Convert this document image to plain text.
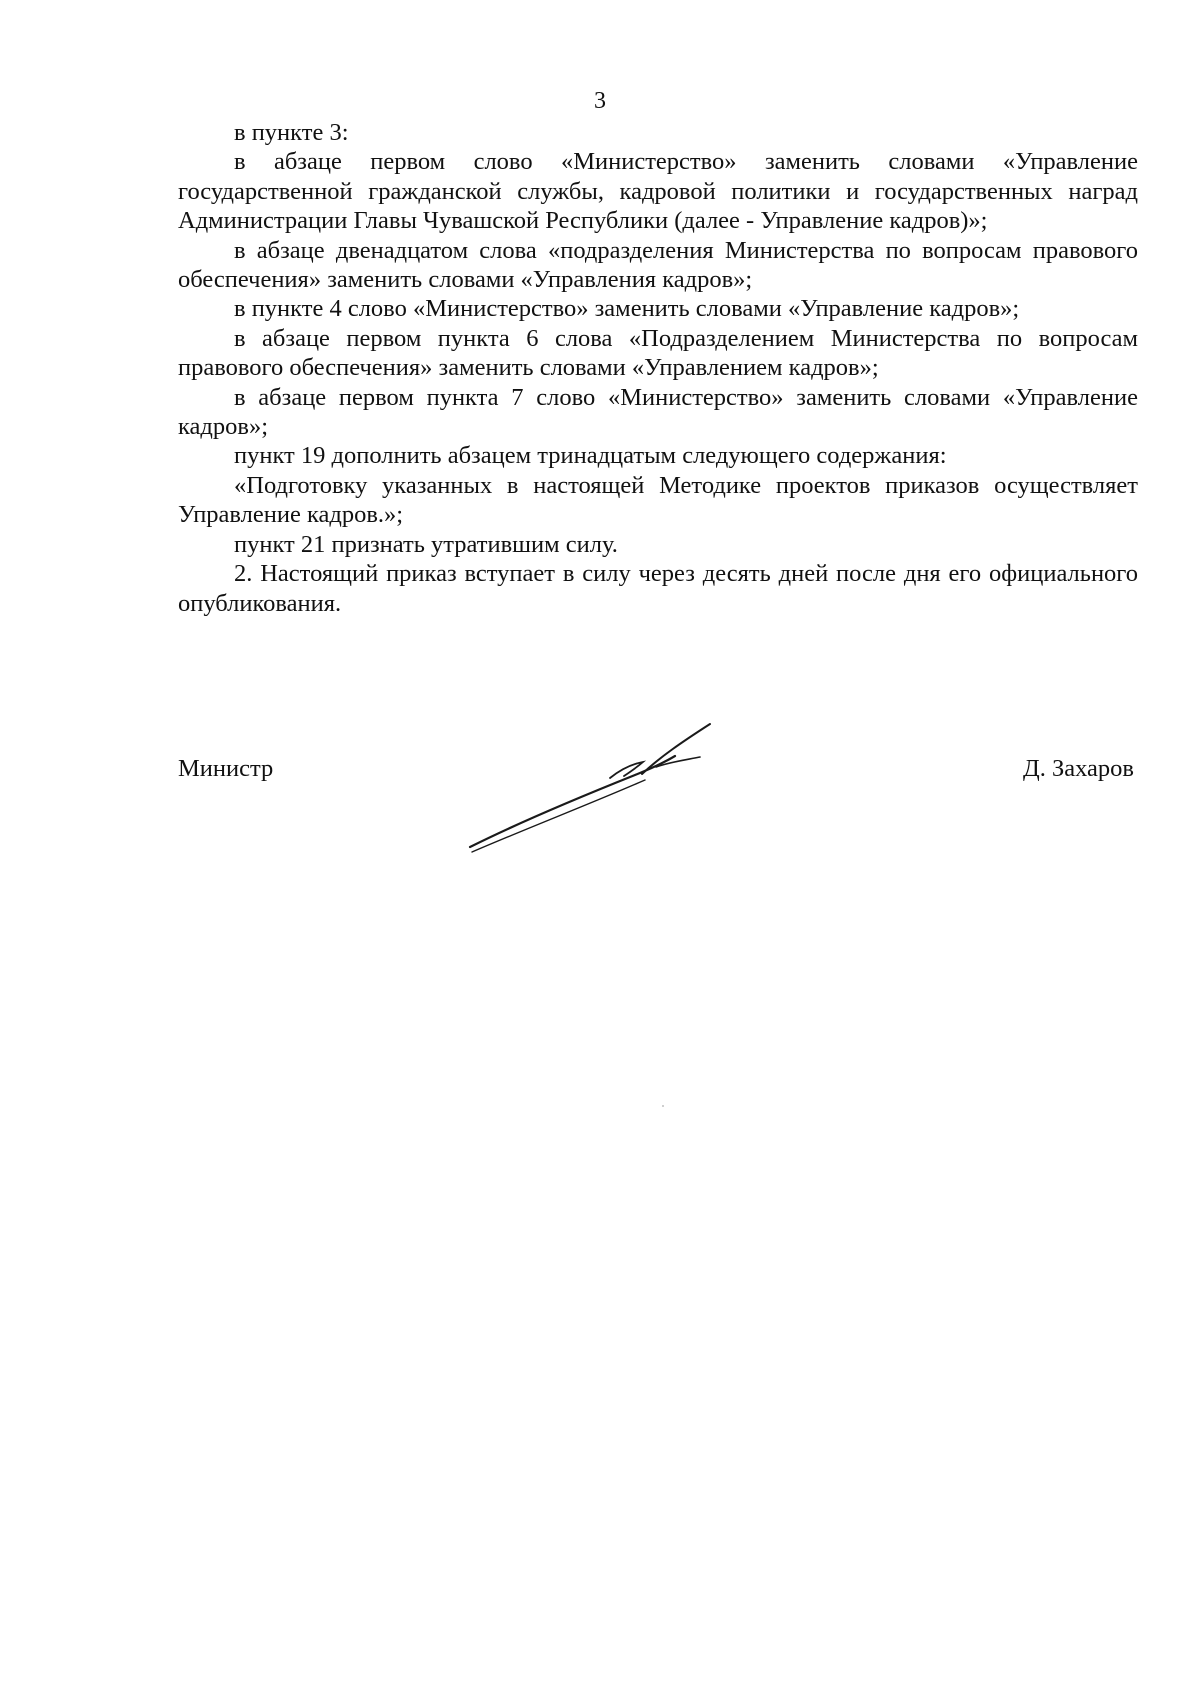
3

в пункте 3:

в абзаце первом слово «Министерство» заменить словами «Управление государственной гражданской службы, кадровой политики и государственных наград Администрации Главы Чувашской Республики (далее - Управление кадров)»;

в абзаце двенадцатом слова «подразделения Министерства по вопросам правового обеспечения» заменить словами «Управления кадров»;

в пункте 4 слово «Министерство» заменить словами «Управление кадров»;

в абзаце первом пункта 6 слова «Подразделением Министерства по вопросам правового обеспечения» заменить словами «Управлением кадров»;

в абзаце первом пункта 7 слово «Министерство» заменить словами «Управление кадров»;

пункт 19 дополнить абзацем тринадцатым следующего содержания:

«Подготовку указанных в настоящей Методике проектов приказов осуществляет Управление кадров.»;

пункт 21 признать утратившим силу.

2. Настоящий приказ вступает в силу через десять дней после дня его официального опубликования.

Министр	Д. Захаров
